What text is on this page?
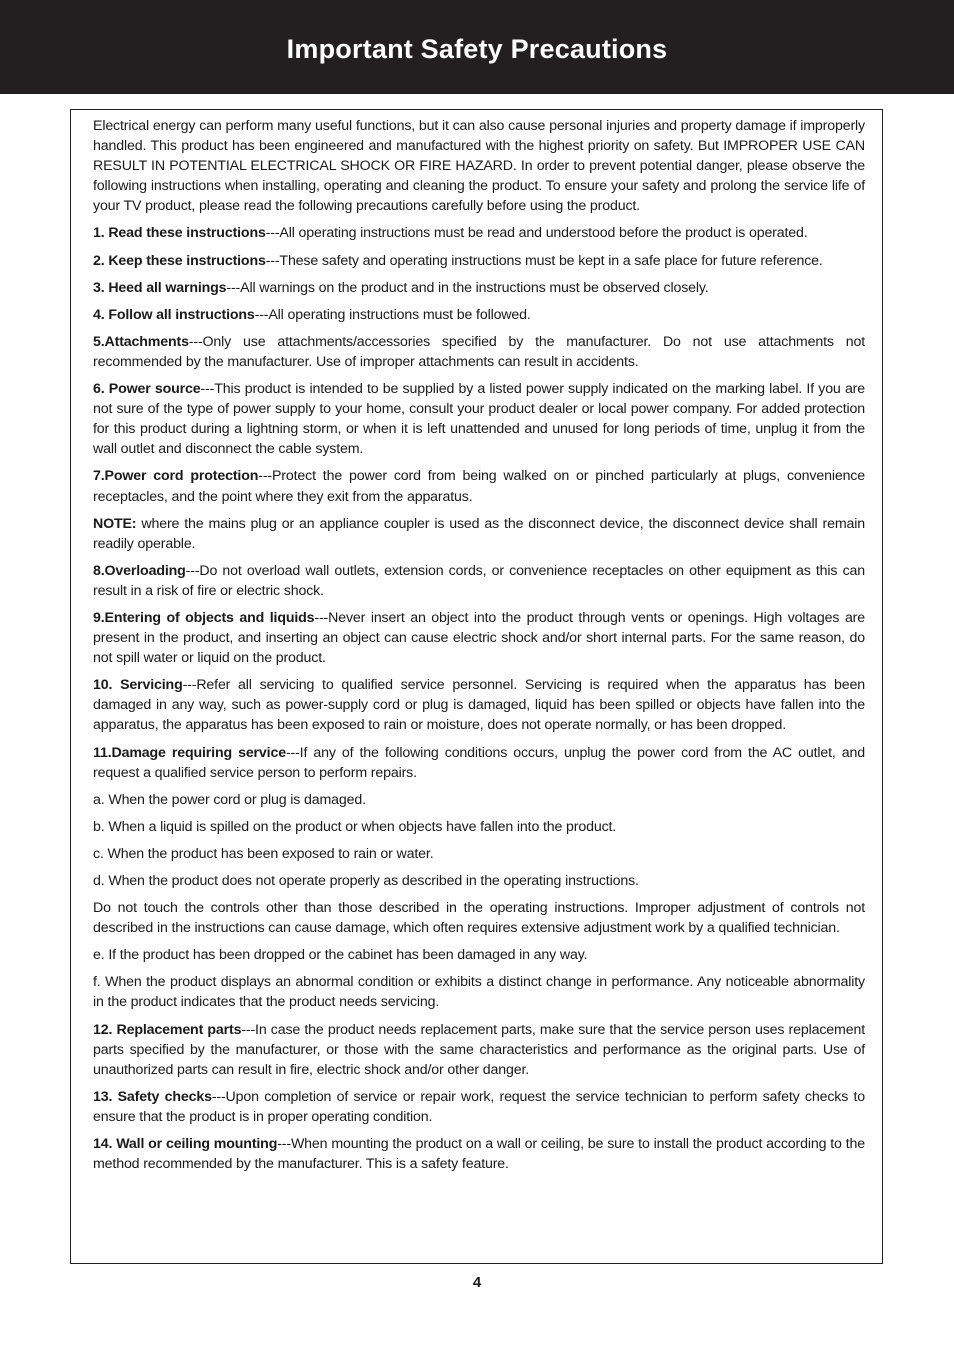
Important Safety Precautions

Electrical energy can perform many useful functions, but it can also cause personal injuries and property damage if improperly handled. This product has been engineered and manufactured with the highest priority on safety. But IMPROPER USE CAN RESULT IN POTENTIAL ELECTRICAL SHOCK OR FIRE HAZARD. In order to prevent potential danger, please observe the following instructions when installing, operating and cleaning the product. To ensure your safety and prolong the service life of your TV product, please read the following precautions carefully before using the product.

1. Read these instructions---All operating instructions must be read and understood before the product is operated.

2. Keep these instructions---These safety and operating instructions must be kept in a safe place for future reference.

3. Heed all warnings---All warnings on the product and in the instructions must be observed closely.

4. Follow all instructions---All operating instructions must be followed.

5.Attachments---Only use attachments/accessories specified by the manufacturer. Do not use attachments not recommended by the manufacturer. Use of improper attachments can result in accidents.

6. Power source---This product is intended to be supplied by a listed power supply indicated on the marking label. If you are not sure of the type of power supply to your home, consult your product dealer or local power company. For added protection for this product during a lightning storm, or when it is left unattended and unused for long periods of time, unplug it from the wall outlet and disconnect the cable system.

7.Power cord protection---Protect the power cord from being walked on or pinched particularly at plugs, convenience receptacles, and the point where they exit from the apparatus.

NOTE: where the mains plug or an appliance coupler is used as the disconnect device, the disconnect device shall remain readily operable.

8.Overloading---Do not overload wall outlets, extension cords, or convenience receptacles on other equipment as this can result in a risk of fire or electric shock.

9.Entering of objects and liquids---Never insert an object into the product through vents or openings. High voltages are present in the product, and inserting an object can cause electric shock and/or short internal parts. For the same reason, do not spill water or liquid on the product.

10. Servicing---Refer all servicing to qualified service personnel. Servicing is required when the apparatus has been damaged in any way, such as power-supply cord or plug is damaged, liquid has been spilled or objects have fallen into the apparatus, the apparatus has been exposed to rain or moisture, does not operate normally, or has been dropped.

11.Damage requiring service---If any of the following conditions occurs, unplug the power cord from the AC outlet, and request a qualified service person to perform repairs.

a. When the power cord or plug is damaged.

b. When a liquid is spilled on the product or when objects have fallen into the product.

c. When the product has been exposed to rain or water.

d. When the product does not operate properly as described in the operating instructions.

Do not touch the controls other than those described in the operating instructions. Improper adjustment of controls not described in the instructions can cause damage, which often requires extensive adjustment work by a qualified technician.

e. If the product has been dropped or the cabinet has been damaged in any way.

f. When the product displays an abnormal condition or exhibits a distinct change in performance. Any noticeable abnormality in the product indicates that the product needs servicing.

12. Replacement parts---In case the product needs replacement parts, make sure that the service person uses replacement parts specified by the manufacturer, or those with the same characteristics and performance as the original parts. Use of unauthorized parts can result in fire, electric shock and/or other danger.

13. Safety checks---Upon completion of service or repair work, request the service technician to perform safety checks to ensure that the product is in proper operating condition.

14. Wall or ceiling mounting---When mounting the product on a wall or ceiling, be sure to install the product according to the method recommended by the manufacturer. This is a safety feature.

4
